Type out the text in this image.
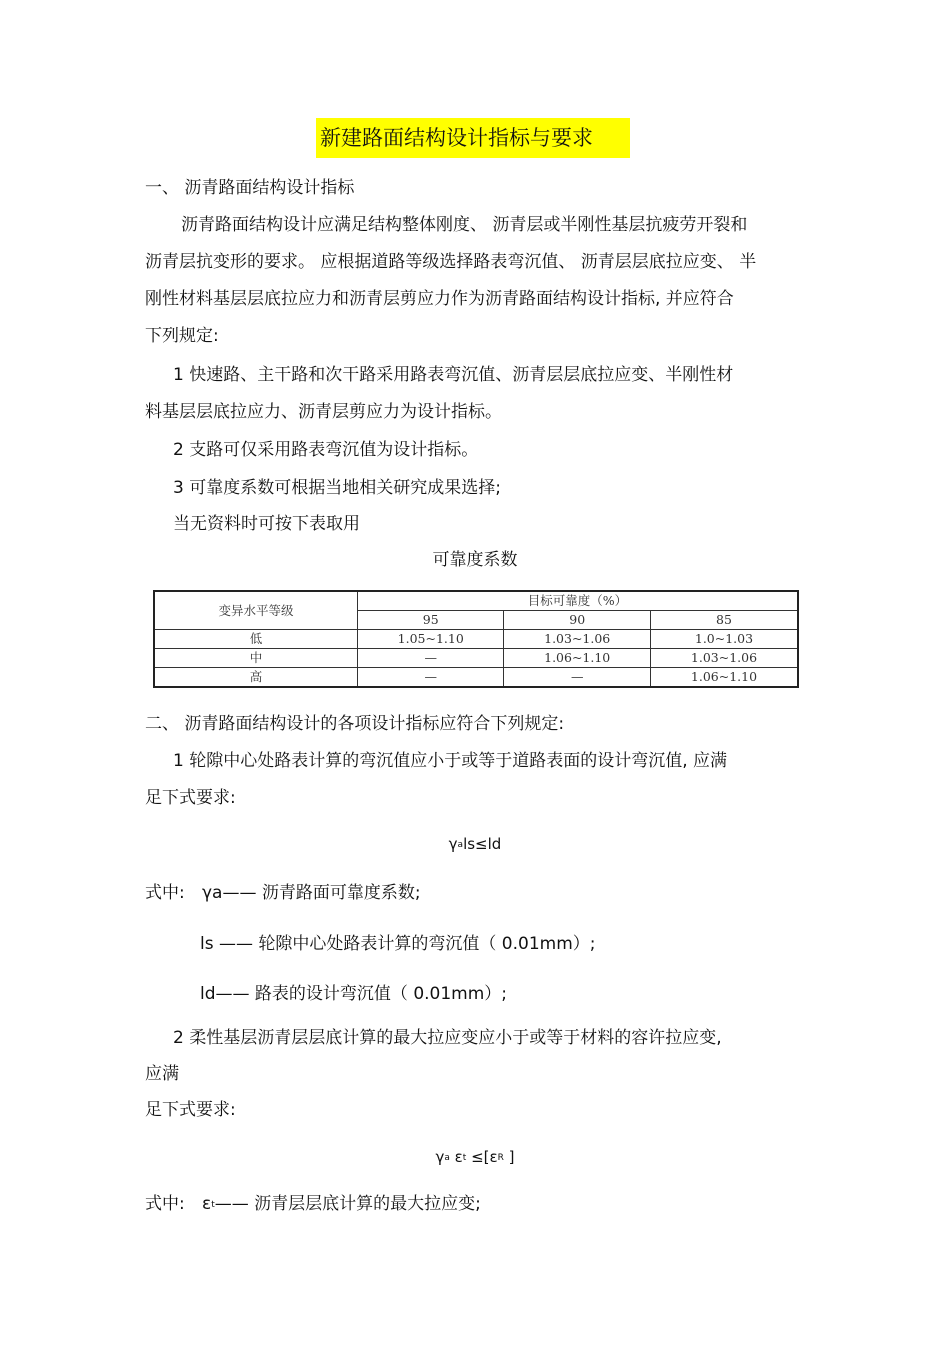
新建路面结构设计指标与要求
一、 沥青路面结构设计指标
沥青路面结构设计应满足结构整体刚度、 沥青层或半刚性基层抗疲劳开裂和
沥青层抗变形的要求。 应根据道路等级选择路表弯沉值、 沥青层层底拉应变、 半
刚性材料基层层底拉应力和沥青层剪应力作为沥青路面结构设计指标, 并应符合
下列规定:
1 快速路、主干路和次干路采用路表弯沉值、沥青层层底拉应变、半刚性材
料基层层底拉应力、沥青层剪应力为设计指标。
2 支路可仅采用路表弯沉值为设计指标。
3 可靠度系数可根据当地相关研究成果选择;
当无资料时可按下表取用
可靠度系数
变异水平等级	目标可靠度（%）		
	95	90	85
低	1.05~1.10	1.03~1.06	1.0~1.03
中	—	1.06~1.10	1.03~1.06
高	—	—	1.06~1.10
二、 沥青路面结构设计的各项设计指标应符合下列规定:
1 轮隙中心处路表计算的弯沉值应小于或等于道路表面的设计弯沉值, 应满
足下式要求:
$\gamma_als\le ld$
式中: γa—— 沥青路面可靠度系数;
ls —— 轮隙中心处路表计算的弯沉值（ 0.01mm）;
ld—— 路表的设计弯沉值（ 0.01mm）;
2 柔性基层沥青层层底计算的最大拉应变应小于或等于材料的容许拉应变,
应满
足下式要求:
$\gamma_a$ $\varepsilon_t \le[\varepsilon_R$ ]
式中: $\varepsilon_t——$ 沥青层层底计算的最大拉应变;
